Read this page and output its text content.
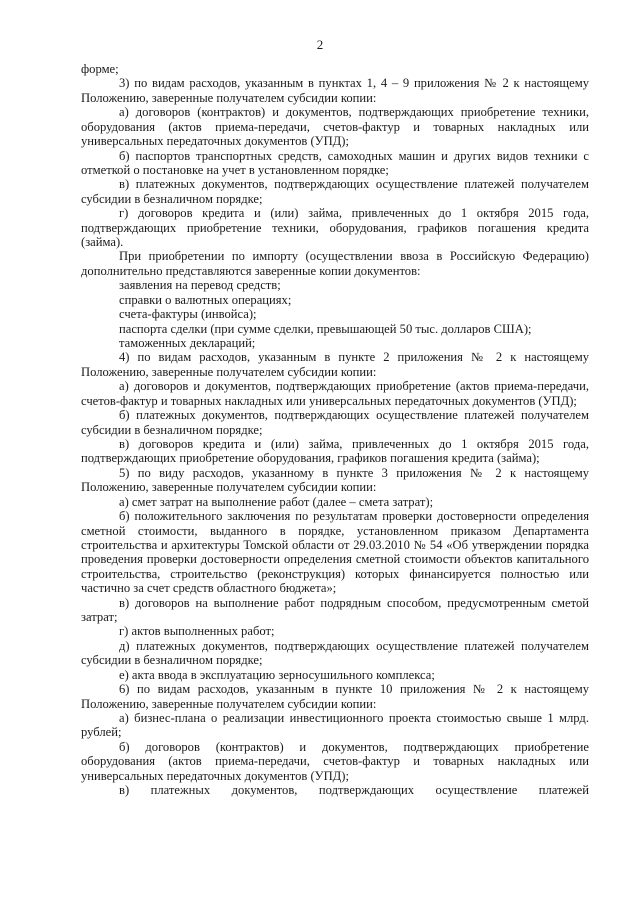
2

форме;

3) по видам расходов, указанным в пунктах 1, 4 – 9 приложения № 2 к настоящему Положению, заверенные получателем субсидии копии:

а) договоров (контрактов) и документов, подтверждающих приобретение техники, оборудования (актов приема-передачи, счетов-фактур и товарных накладных или универсальных передаточных документов (УПД);

б) паспортов транспортных средств, самоходных машин и других видов техники с отметкой о постановке на учет в установленном порядке;

в) платежных документов, подтверждающих осуществление платежей получателем субсидии в безналичном порядке;

г) договоров кредита и (или) займа, привлеченных до 1 октября 2015 года, подтверждающих приобретение техники, оборудования, графиков погашения кредита (займа).

При приобретении по импорту (осуществлении ввоза в Российскую Федерацию) дополнительно представляются заверенные копии документов:

заявления на перевод средств;

справки о валютных операциях;

счета-фактуры (инвойса);

паспорта сделки (при сумме сделки, превышающей 50 тыс. долларов США);

таможенных деклараций;

4) по видам расходов, указанным в пункте 2 приложения № 2 к настоящему Положению, заверенные получателем субсидии копии:

а) договоров и документов, подтверждающих приобретение (актов приема-передачи, счетов-фактур и товарных накладных или универсальных передаточных документов (УПД);

б) платежных документов, подтверждающих осуществление платежей получателем субсидии в безналичном порядке;

в) договоров кредита и (или) займа, привлеченных до 1 октября 2015 года, подтверждающих приобретение оборудования, графиков погашения кредита (займа);

5) по виду расходов, указанному в пункте 3 приложения № 2 к настоящему Положению, заверенные получателем субсидии копии:

а) смет затрат на выполнение работ (далее – смета затрат);

б) положительного заключения по результатам проверки достоверности определения сметной стоимости, выданного в порядке, установленном приказом Департамента строительства и архитектуры Томской области от 29.03.2010 № 54 «Об утверждении порядка проведения проверки достоверности определения сметной стоимости объектов капитального строительства, строительство (реконструкция) которых финансируется полностью или частично за счет средств областного бюджета»;

в) договоров на выполнение работ подрядным способом, предусмотренным сметой затрат;

г) актов выполненных работ;

д) платежных документов, подтверждающих осуществление платежей получателем субсидии в безналичном порядке;

е) акта ввода в эксплуатацию зерносушильного комплекса;

6) по видам расходов, указанным в пункте 10 приложения № 2 к настоящему Положению, заверенные получателем субсидии копии:

а) бизнес-плана о реализации инвестиционного проекта стоимостью свыше 1 млрд. рублей;

б) договоров (контрактов) и документов, подтверждающих приобретение оборудования (актов приема-передачи, счетов-фактур и товарных накладных или универсальных передаточных документов (УПД);

в) платежных документов, подтверждающих осуществление платежей
